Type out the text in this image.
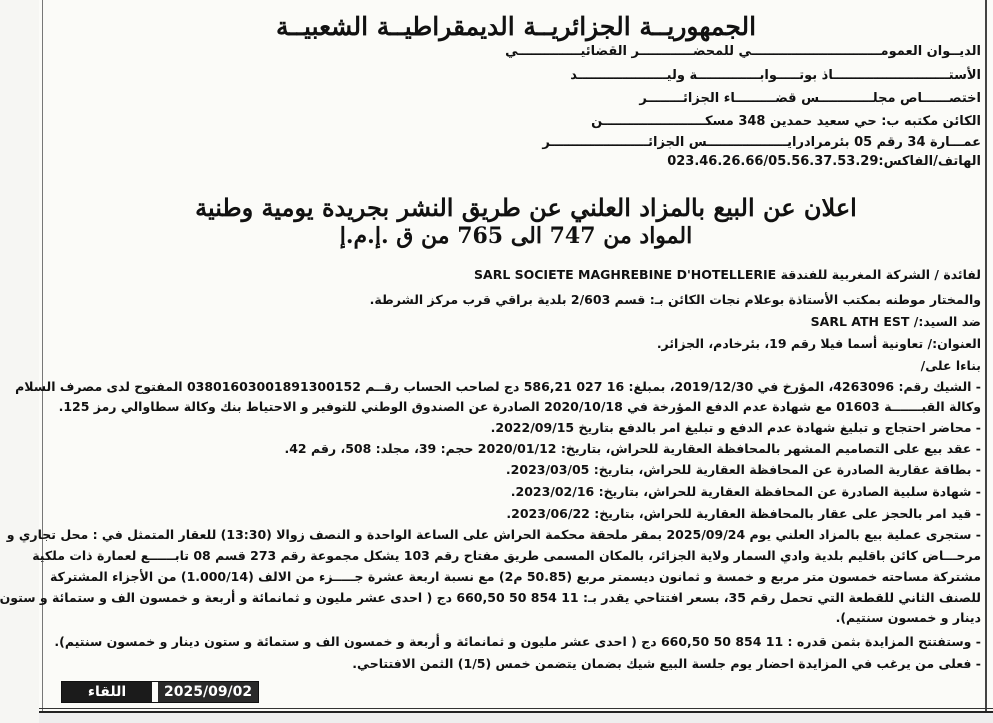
الجمهوريــة الجزائريــة الديمقراطيــة الشعبيــة
الديــوان العمومـــــــــــــــــــــــــــــي للمحضــــــــــــر القضائيــــــــــــــي
الأستــــــــــــــــــــــــــاذ بوتـــــوابــــــــــــــة وليــــــــــــــــــــد
اختصــــــاص مجلــــــــــــس قضـــــــــاء الجزائــــــــر
الكائن مكتبه ب: حي سعيد حمدين 348 مسكـــــــــــــــــــــــن
عمـــارة 34 رقم 05 بئرمرادرايــــــــــــــــــس الجزائــــــــــــــــــــــر
الهاتف/الفاكس:023.46.26.66/05.56.37.53.29
اعلان عن البيع بالمزاد العلني عن طريق النشر بجريدة يومية وطنية
المواد من 747 الى 765 من ق .إ.م.إ
لفائدة / الشركة المغربية للفندقة SARL SOCIETE MAGHREBINE D'HOTELLERIE
والمختار موطنه بمكتب الأستاذة بوعلام نجات الكائن بـ: قسم 2/603 بلدية براقي قرب مركز الشرطة.
ضد السيد:/ SARL ATH EST
العنوان:/ تعاونية أسما فيلا رقم 19، بئرخادم، الجزائر.
بناءا على/
- الشيك رقم: 4263096، المؤرخ في 2019/12/30، بمبلغ: 16 027 586,21 دج لصاحب الحساب رقــم 03801603001891300152 المفتوح لدى مصرف السلام
وكالة القبـــــــة 01603 مع شهادة عدم الدفع المؤرخة في 2020/10/18 الصادرة عن الصندوق الوطني للتوفير و الاحتياط بنك وكالة سطاوالي رمز 125.
- محاضر احتجاج و تبليغ شهادة عدم الدفع و تبليغ امر بالدفع بتاريخ 2022/09/15.
- عقد بيع على التصاميم المشهر بالمحافظة العقارية للحراش، بتاريخ: 2020/01/12 حجم: 39، مجلد: 508، رقم 42.
- بطاقة عقارية الصادرة عن المحافظة العقارية للحراش، بتاريخ: 2023/03/05.
- شهادة سلبية الصادرة عن المحافظة العقارية للحراش، بتاريخ: 2023/02/16.
- قيد امر بالحجز على عقار بالمحافظة العقارية للحراش، بتاريخ: 2023/06/22.
- ستجرى عملية بيع بالمزاد العلني يوم 2025/09/24 بمقر ملحقة محكمة الحراش على الساعة الواحدة و النصف زوالا (13:30) للعقار المتمثل في : محل تجاري و
مرحـــاض كائن باقليم بلدية وادي السمار ولاية الجزائر، بالمكان المسمى طريق مفتاح رقم 103 يشكل مجموعة رقم 273 قسم 08 تابــــــع لعمارة ذات ملكية
مشتركة مساحته خمسون متر مربع و خمسة و ثمانون ديسمتر مربع (50.85 م2) مع نسبة اربعة عشرة جـــــزء من الالف (1.000/14) من الأجزاء المشتركة
للصنف الثاني للقطعة التي تحمل رقم 35، بسعر افتتاحي يقدر بـ: 11 854 50 660,50 دج ( احدى عشر مليون و ثمانمائة و أربعة و خمسون الف و ستمائة و ستون
دينار و خمسون سنتيم).
- وستفتتح المزايدة بثمن قدره : 11 854 50 660,50 دج ( احدى عشر مليون و ثمانمائة و أربعة و خمسون الف و ستمائة و ستون دينار و خمسون سنتيم).
- فعلى من يرغب في المزايدة احضار يوم جلسة البيع شيك بضمان يتضمن خمس (1/5) الثمن الافتتاحي.
اللقاء	2025/09/02
